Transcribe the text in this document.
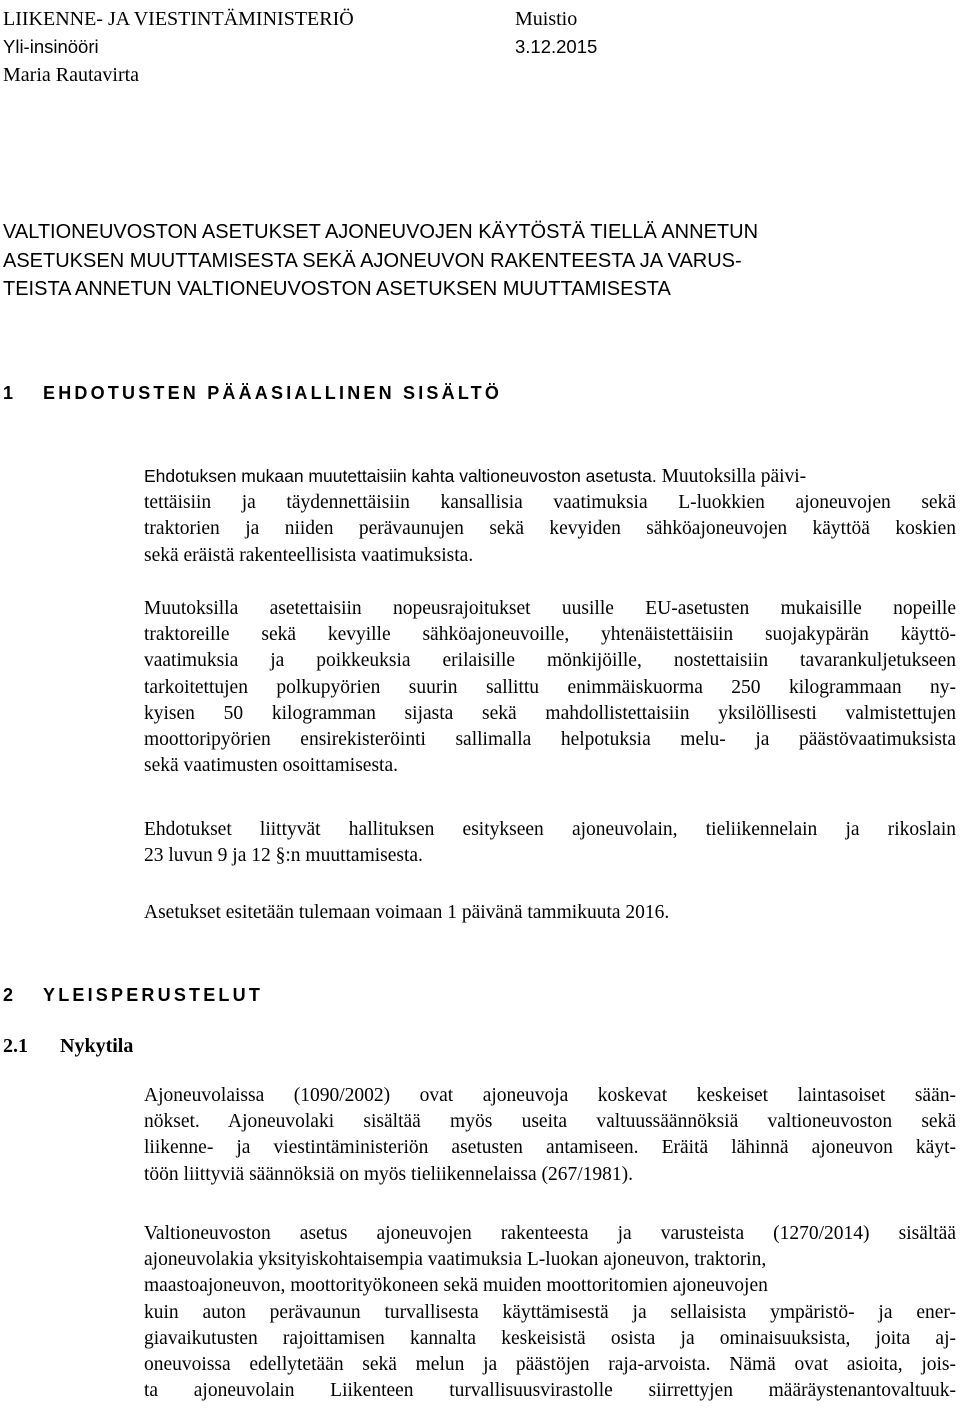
LIIKENNE- JA VIESTINTÄMINISTERIÖ	Muistio
Yli-insinööri	3.12.2015
Maria Rautavirta
VALTIONEUVOSTON ASETUKSET AJONEUVOJEN KÄYTÖSTÄ TIELLÄ ANNETUN
ASETUKSEN MUUTTAMISESTA SEKÄ AJONEUVON RAKENTEESTA JA VARUS-
TEISTA ANNETUN VALTIONEUVOSTON ASETUKSEN MUUTTAMISESTA
1 EHDOTUSTEN PÄÄASIALLINEN SISÄLTÖ
Ehdotuksen mukaan muutettaisiin kahta valtioneuvoston asetusta. Muutoksilla päivi-
tettäisiin ja täydennettäisiin kansallisia vaatimuksia L-luokkien ajoneuvojen sekä
traktorien ja niiden perävaunujen sekä kevyiden sähköajoneuvojen käyttöä koskien
sekä eräistä rakenteellisista vaatimuksista.
Muutoksilla asetettaisiin nopeusrajoitukset uusille EU-asetusten mukaisille nopeille
traktoreille sekä kevyille sähköajoneuvoille, yhtenäistettäisiin suojakypärän käyttö-
vaatimuksia ja poikkeuksia erilaisille mönkijöille, nostettaisiin tavarankuljetukseen
tarkoitettujen polkupyörien suurin sallittu enimmäiskuorma 250 kilogrammaan ny-
kyisen 50 kilogramman sijasta sekä mahdollistettaisiin yksilöllisesti valmistettujen
moottoripyörien ensirekisteröinti sallimalla helpotuksia melu- ja päästövaatimuksista
sekä vaatimusten osoittamisesta.
Ehdotukset liittyvät hallituksen esitykseen ajoneuvolain, tieliikennelain ja rikoslain
23 luvun 9 ja 12 §:n muuttamisesta.
Asetukset esitetään tulemaan voimaan 1 päivänä tammikuuta 2016.
2 YLEISPERUSTELUT
2.1 Nykytila
Ajoneuvolaissa (1090/2002) ovat ajoneuvoja koskevat keskeiset laintasoiset sään-
nökset. Ajoneuvolaki sisältää myös useita valtuussäännöksiä valtioneuvoston sekä
liikenne- ja viestintäministeriön asetusten antamiseen. Eräitä lähinnä ajoneuvon käyt-
töön liittyviä säännöksiä on myös tieliikennelaissa (267/1981).
Valtioneuvoston asetus ajoneuvojen rakenteesta ja varusteista (1270/2014) sisältää
ajoneuvolakia yksityiskohtaisempia vaatimuksia L-luokan ajoneuvon, traktorin,
maastoajoneuvon, moottorityökoneen sekä muiden moottoritomien ajoneuvojen
kuin auton perävaunun turvallisesta käyttämisestä ja sellaisista ympäristö- ja ener-
giavaikutusten rajoittamisen kannalta keskeisistä osista ja ominaisuuksista, joita aj-
oneuvoissa edellytetään sekä melun ja päästöjen raja-arvoista. Nämä ovat asioita, jois-
ta ajoneuvolain Liikenteen turvallisuusvirastolle siirrettyjen määräystenantovaltuuk-
